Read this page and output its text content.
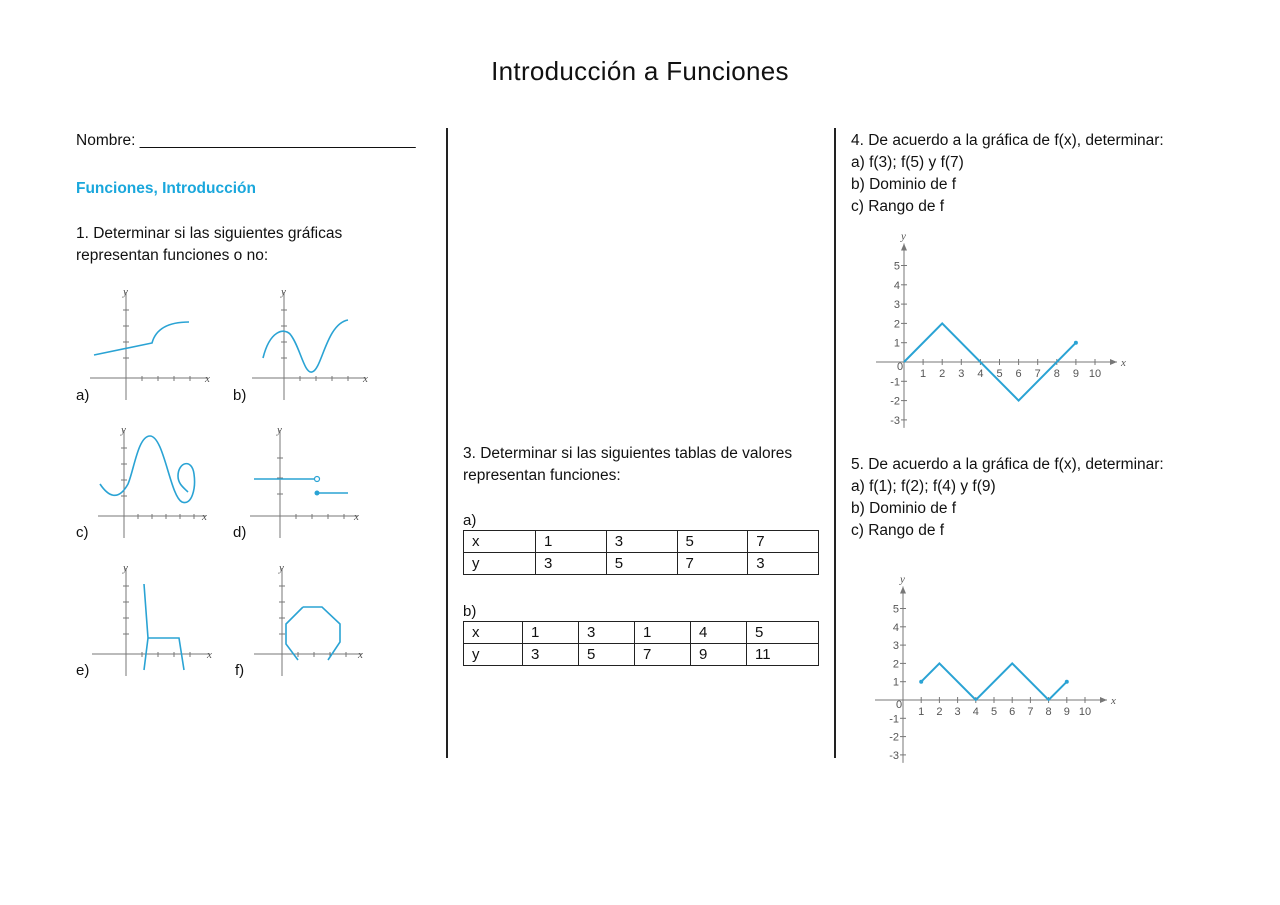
Introducción a Funciones
Nombre: ________________________________
Funciones, Introducción
1. Determinar si las siguientes gráficas
representan funciones o no:
x
y
a)
x
y
b)
x
y
c)
x
y
d)
x
y
e)
x
y
f)
3. Determinar si las siguientes tablas de valores
representan funciones:
a)
x	1	3	5	7
y	3	5	7	3
b)
x	1	3	1	4	5
y	3	5	7	9	11
4. De acuerdo a la gráfica de f(x), determinar:
a) f(3); f(5) y f(7)
b) Dominio de f
c) Rango de f
x
y
0
1 2 3 4 5 6 7 8 9 10
5
4
3
2
1
-1
-2
-3
5. De acuerdo a la gráfica de f(x), determinar:
a) f(1); f(2); f(4) y f(9)
b) Dominio de f
c) Rango de f
x
y
0
1 2 3 4 5 6 7 8 9 10
5
4
3
2
1
-1
-2
-3
